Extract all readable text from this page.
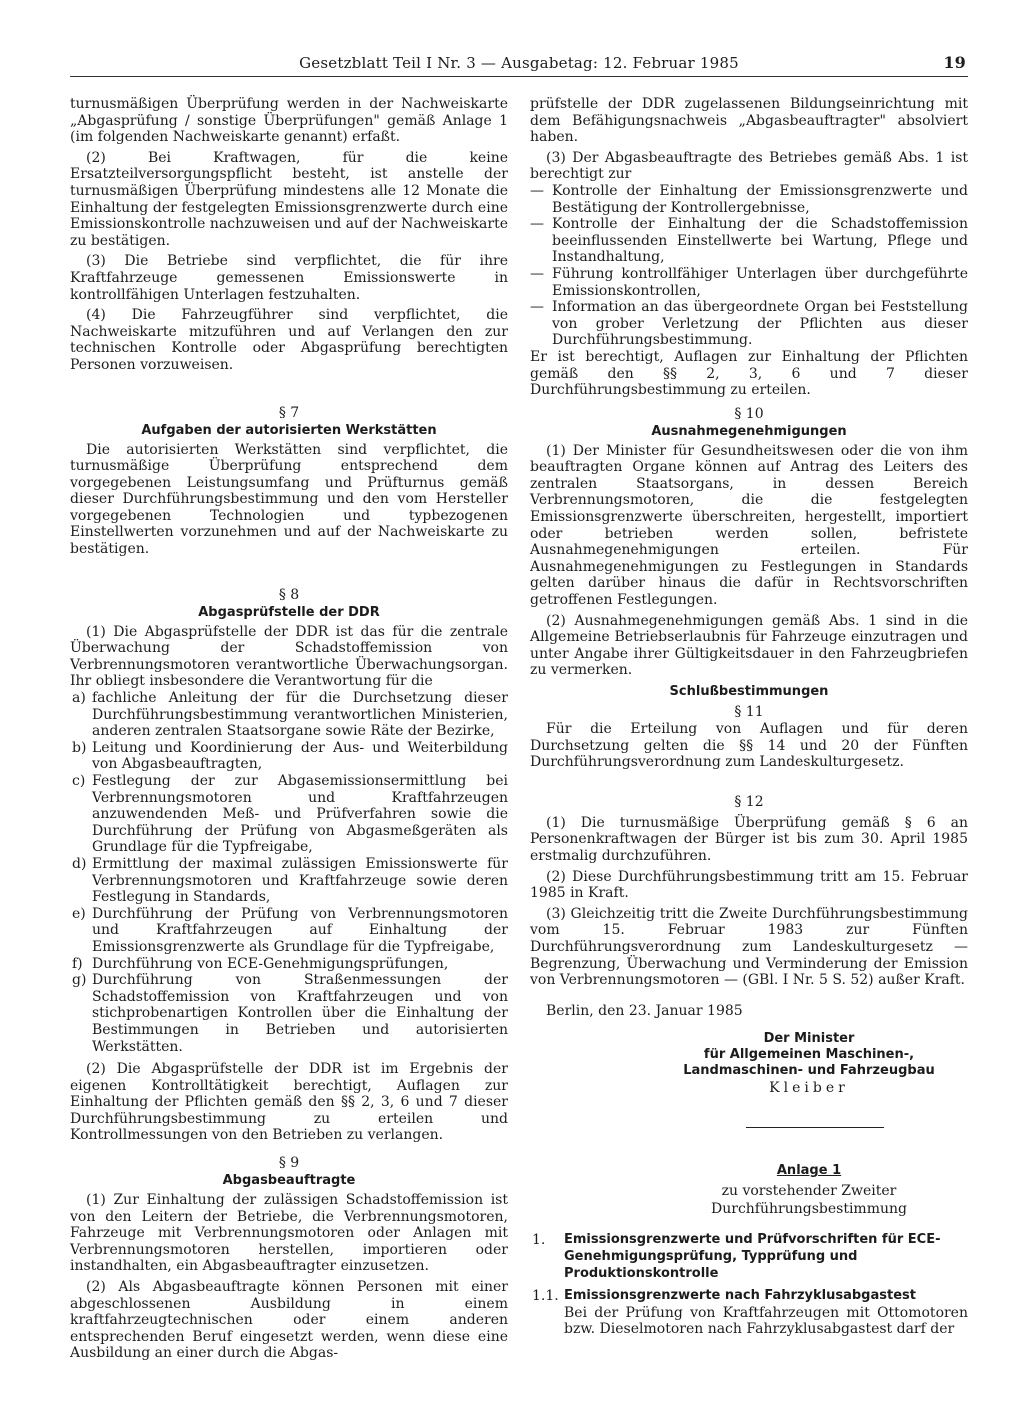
Gesetzblatt Teil I Nr. 3 — Ausgabetag: 12. Februar 1985	19

turnusmäßigen Überprüfung werden in der Nachweiskarte „Abgasprüfung / sonstige Überprüfungen" gemäß Anlage 1 (im folgenden Nachweiskarte genannt) erfaßt.

(2) Bei Kraftwagen, für die keine Ersatzteilversorgungspflicht besteht, ist anstelle der turnusmäßigen Überprüfung mindestens alle 12 Monate die Einhaltung der festgelegten Emissionsgrenzwerte durch eine Emissionskontrolle nachzuweisen und auf der Nachweiskarte zu bestätigen.

(3) Die Betriebe sind verpflichtet, die für ihre Kraftfahrzeuge gemessenen Emissionswerte in kontrollfähigen Unterlagen festzuhalten.

(4) Die Fahrzeugführer sind verpflichtet, die Nachweiskarte mitzuführen und auf Verlangen den zur technischen Kontrolle oder Abgasprüfung berechtigten Personen vorzuweisen.

§ 7
Aufgaben der autorisierten Werkstätten

Die autorisierten Werkstätten sind verpflichtet, die turnusmäßige Überprüfung entsprechend dem vorgegebenen Leistungsumfang und Prüfturnus gemäß dieser Durchführungsbestimmung und den vom Hersteller vorgegebenen Technologien und typbezogenen Einstellwerten vorzunehmen und auf der Nachweiskarte zu bestätigen.

§ 8
Abgasprüfstelle der DDR

(1) Die Abgasprüfstelle der DDR ist das für die zentrale Überwachung der Schadstoffemission von Verbrennungsmotoren verantwortliche Überwachungsorgan. Ihr obliegt insbesondere die Verantwortung für die

a) fachliche Anleitung der für die Durchsetzung dieser Durchführungsbestimmung verantwortlichen Ministerien, anderen zentralen Staatsorgane sowie Räte der Bezirke,
b) Leitung und Koordinierung der Aus- und Weiterbildung von Abgasbeauftragten,
c) Festlegung der zur Abgasemissionsermittlung bei Verbrennungsmotoren und Kraftfahrzeugen anzuwendenden Meß- und Prüfverfahren sowie die Durchführung der Prüfung von Abgasmeßgeräten als Grundlage für die Typfreigabe,
d) Ermittlung der maximal zulässigen Emissionswerte für Verbrennungsmotoren und Kraftfahrzeuge sowie deren Festlegung in Standards,
e) Durchführung der Prüfung von Verbrennungsmotoren und Kraftfahrzeugen auf Einhaltung der Emissionsgrenzwerte als Grundlage für die Typfreigabe,
f) Durchführung von ECE-Genehmigungsprüfungen,
g) Durchführung von Straßenmessungen der Schadstoffemission von Kraftfahrzeugen und von stichprobenartigen Kontrollen über die Einhaltung der Bestimmungen in Betrieben und autorisierten Werkstätten.

(2) Die Abgasprüfstelle der DDR ist im Ergebnis der eigenen Kontrolltätigkeit berechtigt, Auflagen zur Einhaltung der Pflichten gemäß den §§ 2, 3, 6 und 7 dieser Durchführungsbestimmung zu erteilen und Kontrollmessungen von den Betrieben zu verlangen.

§ 9
Abgasbeauftragte

(1) Zur Einhaltung der zulässigen Schadstoffemission ist von den Leitern der Betriebe, die Verbrennungsmotoren, Fahrzeuge mit Verbrennungsmotoren oder Anlagen mit Verbrennungsmotoren herstellen, importieren oder instandhalten, ein Abgasbeauftragter einzusetzen.

(2) Als Abgasbeauftragte können Personen mit einer abgeschlossenen Ausbildung in einem kraftfahrzeugtechnischen oder einem anderen entsprechenden Beruf eingesetzt werden, wenn diese eine Ausbildung an einer durch die Abgas-

prüfstelle der DDR zugelassenen Bildungseinrichtung mit dem Befähigungsnachweis „Abgasbeauftragter" absolviert haben.

(3) Der Abgasbeauftragte des Betriebes gemäß Abs. 1 ist berechtigt zur

— Kontrolle der Einhaltung der Emissionsgrenzwerte und Bestätigung der Kontrollergebnisse,
— Kontrolle der Einhaltung der die Schadstoffemission beeinflussenden Einstellwerte bei Wartung, Pflege und Instandhaltung,
— Führung kontrollfähiger Unterlagen über durchgeführte Emissionskontrollen,
— Information an das übergeordnete Organ bei Feststellung von grober Verletzung der Pflichten aus dieser Durchführungsbestimmung.

Er ist berechtigt, Auflagen zur Einhaltung der Pflichten gemäß den §§ 2, 3, 6 und 7 dieser Durchführungsbestimmung zu erteilen.

§ 10
Ausnahmegenehmigungen

(1) Der Minister für Gesundheitswesen oder die von ihm beauftragten Organe können auf Antrag des Leiters des zentralen Staatsorgans, in dessen Bereich Verbrennungsmotoren, die die festgelegten Emissionsgrenzwerte überschreiten, hergestellt, importiert oder betrieben werden sollen, befristete Ausnahmegenehmigungen erteilen. Für Ausnahmegenehmigungen zu Festlegungen in Standards gelten darüber hinaus die dafür in Rechtsvorschriften getroffenen Festlegungen.

(2) Ausnahmegenehmigungen gemäß Abs. 1 sind in die Allgemeine Betriebserlaubnis für Fahrzeuge einzutragen und unter Angabe ihrer Gültigkeitsdauer in den Fahrzeugbriefen zu vermerken.

Schlußbestimmungen
§ 11

Für die Erteilung von Auflagen und für deren Durchsetzung gelten die §§ 14 und 20 der Fünften Durchführungsverordnung zum Landeskulturgesetz.

§ 12

(1) Die turnusmäßige Überprüfung gemäß § 6 an Personenkraftwagen der Bürger ist bis zum 30. April 1985 erstmalig durchzuführen.

(2) Diese Durchführungsbestimmung tritt am 15. Februar 1985 in Kraft.

(3) Gleichzeitig tritt die Zweite Durchführungsbestimmung vom 15. Februar 1983 zur Fünften Durchführungsverordnung zum Landeskulturgesetz — Begrenzung, Überwachung und Verminderung der Emission von Verbrennungsmotoren — (GBl. I Nr. 5 S. 52) außer Kraft.

Berlin, den 23. Januar 1985

Der Minister
für Allgemeinen Maschinen-,
Landmaschinen- und Fahrzeugbau
Kleiber
Anlage 1
zu vorstehender Zweiter Durchführungsbestimmung
1. Emissionsgrenzwerte und Prüfvorschriften für ECE-Genehmigungsprüfung, Typprüfung und Produktionskontrolle
1.1. Emissionsgrenzwerte nach Fahrzyklusabgastest

Bei der Prüfung von Kraftfahrzeugen mit Ottomotoren bzw. Dieselmotoren nach Fahrzyklusabgastest darf der
